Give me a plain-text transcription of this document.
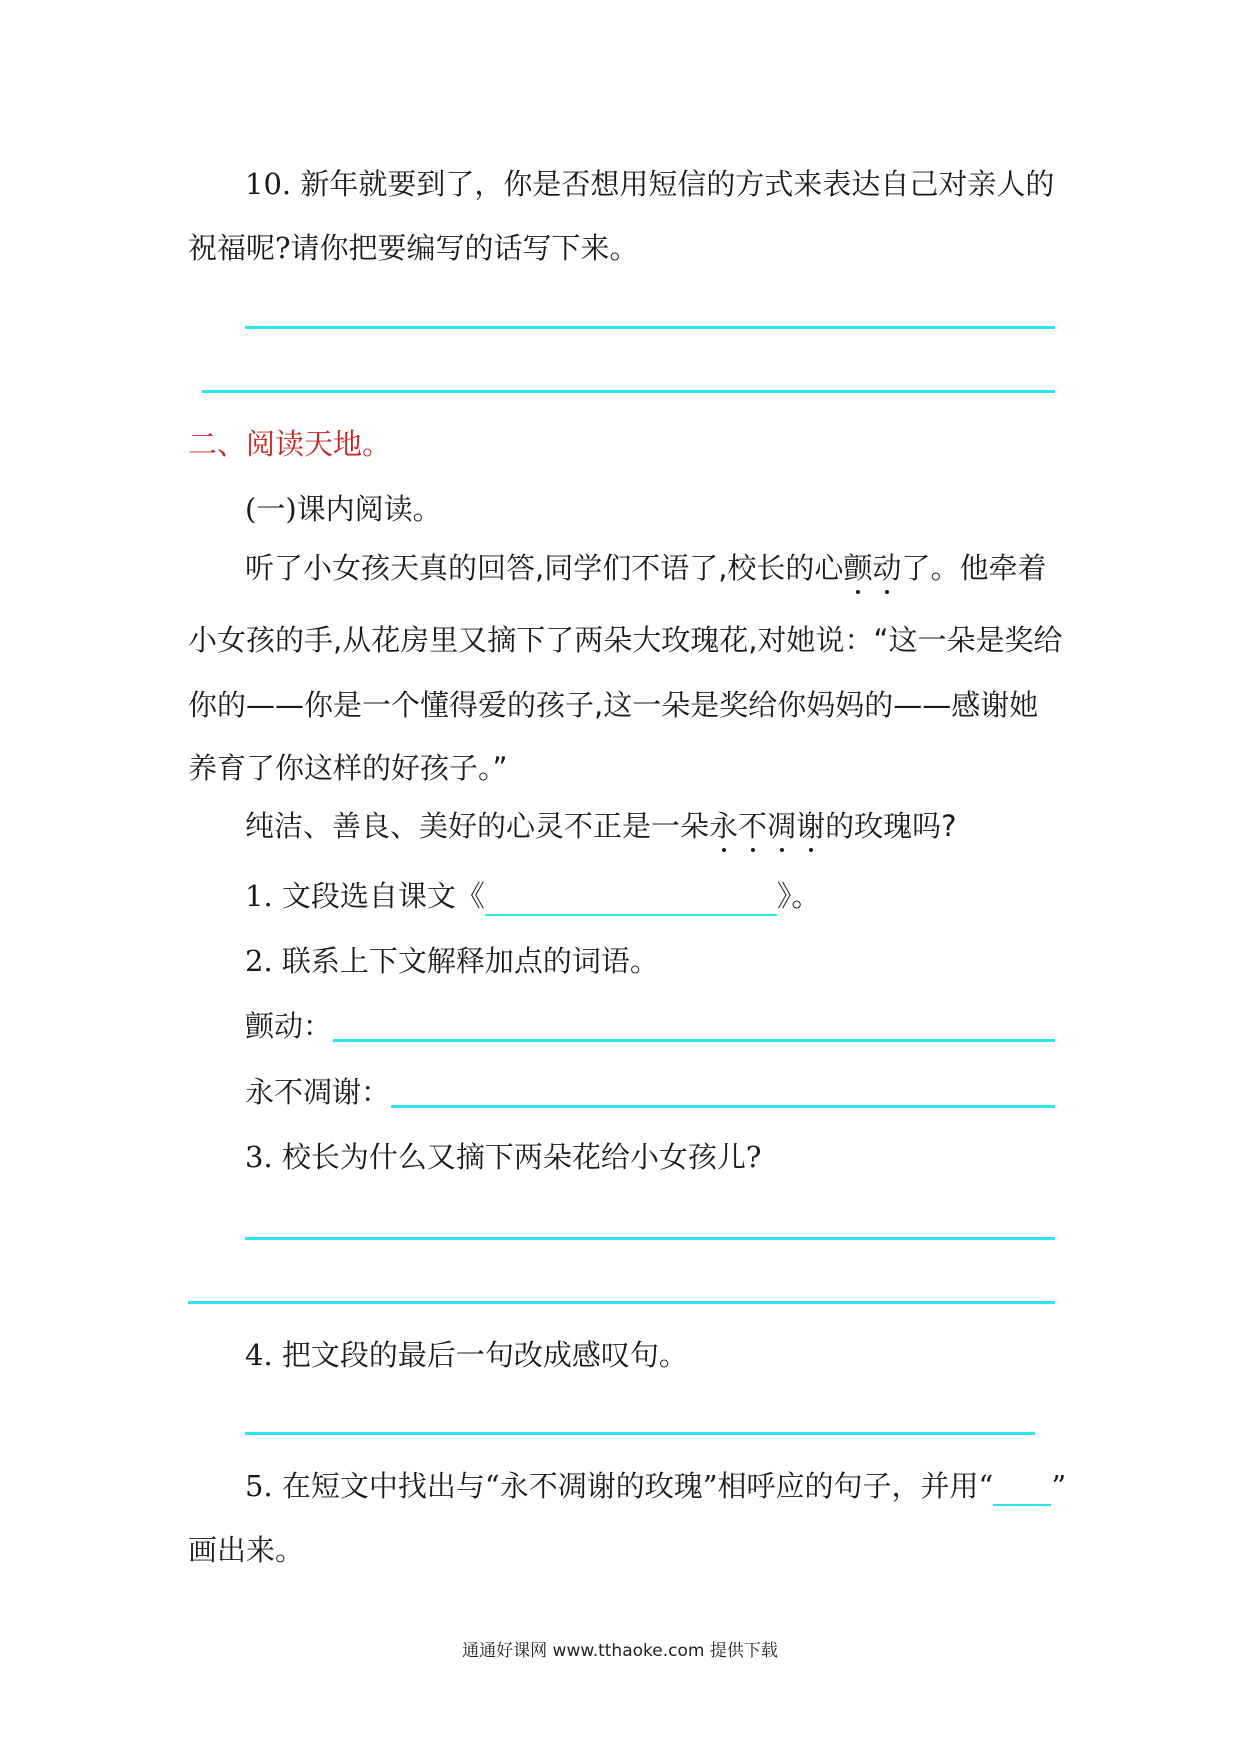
10. 新年就要到了，你是否想用短信的方式来表达自己对亲人的
祝福呢?请你把要编写的话写下来。
二、阅读天地。
(一)课内阅读。
听了小女孩天真的回答,同学们不语了,校长的心颤动了。他牵着
小女孩的手,从花房里又摘下了两朵大玫瑰花,对她说：“这一朵是奖给
你的——你是一个懂得爱的孩子,这一朵是奖给你妈妈的——感谢她
养育了你这样的好孩子。”
纯洁、善良、美好的心灵不正是一朵永不凋谢的玫瑰吗?
1. 文段选自课文《	》。
2. 联系上下文解释加点的词语。
颤动：
永不凋谢：
3. 校长为什么又摘下两朵花给小女孩儿?
4. 把文段的最后一句改成感叹句。
5. 在短文中找出与“永不凋谢的玫瑰”相呼应的句子，并用“ ”
画出来。
通通好课网 www.tthaoke.com 提供下载
